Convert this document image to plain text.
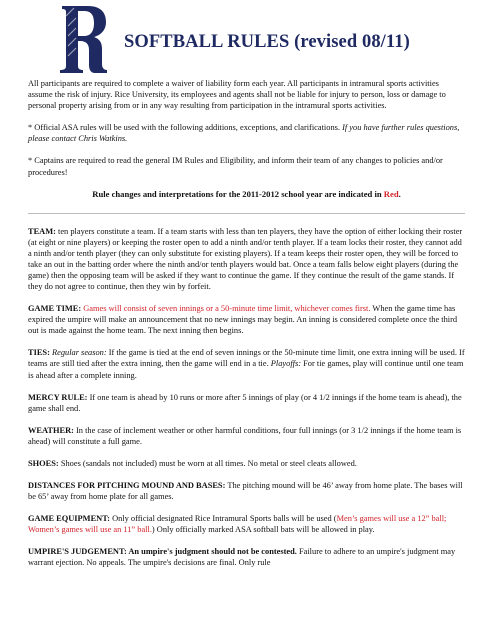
SOFTBALL RULES (revised 08/11)

All participants are required to complete a waiver of liability form each year. All participants in intramural sports activities assume the risk of injury. Rice University, its employees and agents shall not be liable for injury to person, loss or damage to personal property arising from or in any way resulting from participation in the intramural sports activities.

* Official ASA rules will be used with the following additions, exceptions, and clarifications. If you have further rules questions, please contact Chris Watkins.

* Captains are required to read the general IM Rules and Eligibility, and inform their team of any changes to policies and/or procedures!

Rule changes and interpretations for the 2011-2012 school year are indicated in Red.

TEAM: ten players constitute a team. If a team starts with less than ten players, they have the option of either locking their roster (at eight or nine players) or keeping the roster open to add a ninth and/or tenth player. If a team locks their roster, they cannot add a ninth and/or tenth player (they can only substitute for existing players). If a team keeps their roster open, they will be forced to take an out in the batting order where the ninth and/or tenth players would bat. Once a team falls below eight players (during the game) then the opposing team will be asked if they want to continue the game. If they continue the result of the game stands. If they do not agree to continue, then they win by forfeit.

GAME TIME: Games will consist of seven innings or a 50-minute time limit, whichever comes first. When the game time has expired the umpire will make an announcement that no new innings may begin. An inning is considered complete once the third out is made against the home team. The next inning then begins.

TIES: Regular season: If the game is tied at the end of seven innings or the 50-minute time limit, one extra inning will be used. If teams are still tied after the extra inning, then the game will end in a tie. Playoffs: For tie games, play will continue until one team is ahead after a complete inning.

MERCY RULE: If one team is ahead by 10 runs or more after 5 innings of play (or 4 1/2 innings if the home team is ahead), the game shall end.

WEATHER: In the case of inclement weather or other harmful conditions, four full innings (or 3 1/2 innings if the home team is ahead) will constitute a full game.

SHOES: Shoes (sandals not included) must be worn at all times. No metal or steel cleats allowed.

DISTANCES FOR PITCHING MOUND AND BASES: The pitching mound will be 46’ away from home plate. The bases will be 65’ away from home plate for all games.

GAME EQUIPMENT: Only official designated Rice Intramural Sports balls will be used (Men’s games will use a 12” ball; Women’s games will use an 11” ball.) Only officially marked ASA softball bats will be allowed in play.

UMPIRE'S JUDGEMENT: An umpire's judgment should not be contested. Failure to adhere to an umpire's judgment may warrant ejection. No appeals. The umpire's decisions are final. Only rule
